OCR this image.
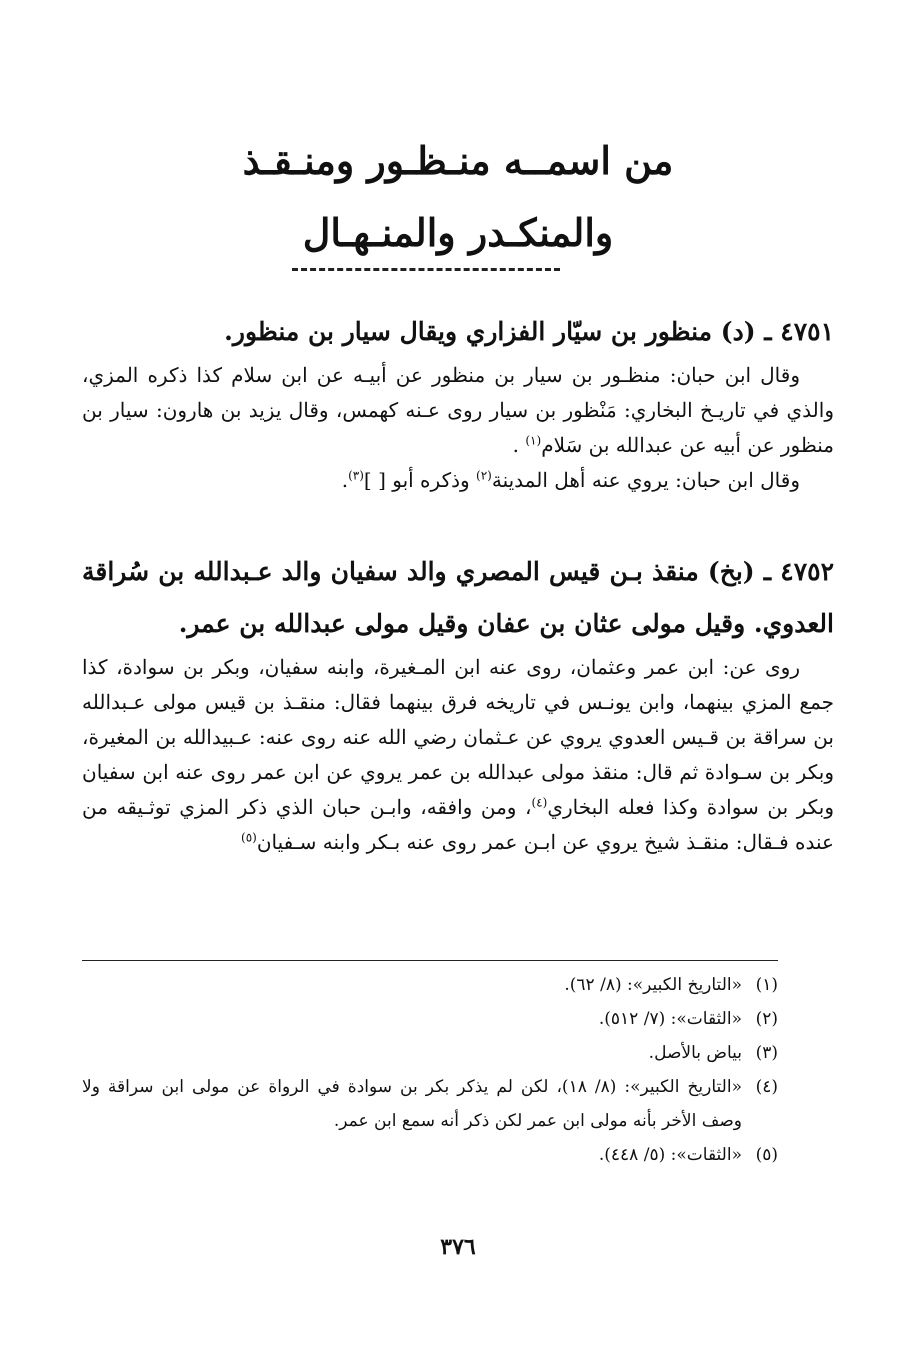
من اسمــه منـظـور ومنـقـذ
والمنكـدر والمنـهـال

٤٧٥١ ـ (د) منظور بن سيّار الفزاري ويقال سيار بن منظور.

وقال ابن حبان: منظـور بن سيار بن منظور عن أبيـه عن ابن سلام كذا ذكره المزي، والذي في تاريـخ البخاري: مَنْظور بن سيار روى عـنه كهمس، وقال يزيد بن هارون: سيار بن منظور عن أبيه عن عبدالله بن سَلام$^{(١)}$ .

وقال ابن حبان: يروي عنه أهل المدينة$^{(٢)}$ وذكره أبو [ ]$^{(٣)}$.

٤٧٥٢ ـ (بخ) منقذ بـن قيس المصري والد سفيان والد عـبدالله بن سُراقة العدوي. وقيل مولى عثان بن عفان وقيل مولى عبدالله بن عمر.

روى عن: ابن عمر وعثمان، روى عنه ابن المـغيرة، وابنه سفيان، وبكر بن سوادة، كذا جمع المزي بينهما، وابن يونـس في تاريخه فرق بينهما فقال: منقـذ بن قيس مولى عـبدالله بن سراقة بن قـيس العدوي يروي عن عـثمان رضي الله عنه روى عنه: عـبيدالله بن المغيرة، وبكر بن سـوادة ثم قال: منقذ مولى عبدالله بن عمر يروي عن ابن عمر روى عنه ابن سفيان وبكر بن سوادة وكذا فعله البخاري$^{(٤)}$، ومن وافقه، وابـن حبان الذي ذكر المزي توثـيقه من عنده فـقال: منقـذ شيخ يروي عن ابـن عمر روى عنه بـكر وابنه سـفيان$^{(٥)}$

(١)
«التاريخ الكبير»: (٨/ ٦٢).

(٢)
«الثقات»: (٧/ ٥١٢).

(٣)
بياض بالأصل.

(٤)
«التاريخ الكبير»: (٨/ ١٨)، لكن لم يذكر بكر بن سوادة في الرواة عن مولى ابن سراقة ولا وصف الأخر بأنه مولى ابن عمر لكن ذكر أنه سمع ابن عمر.

(٥)
«الثقات»: (٥/ ٤٤٨).

٣٧٦
